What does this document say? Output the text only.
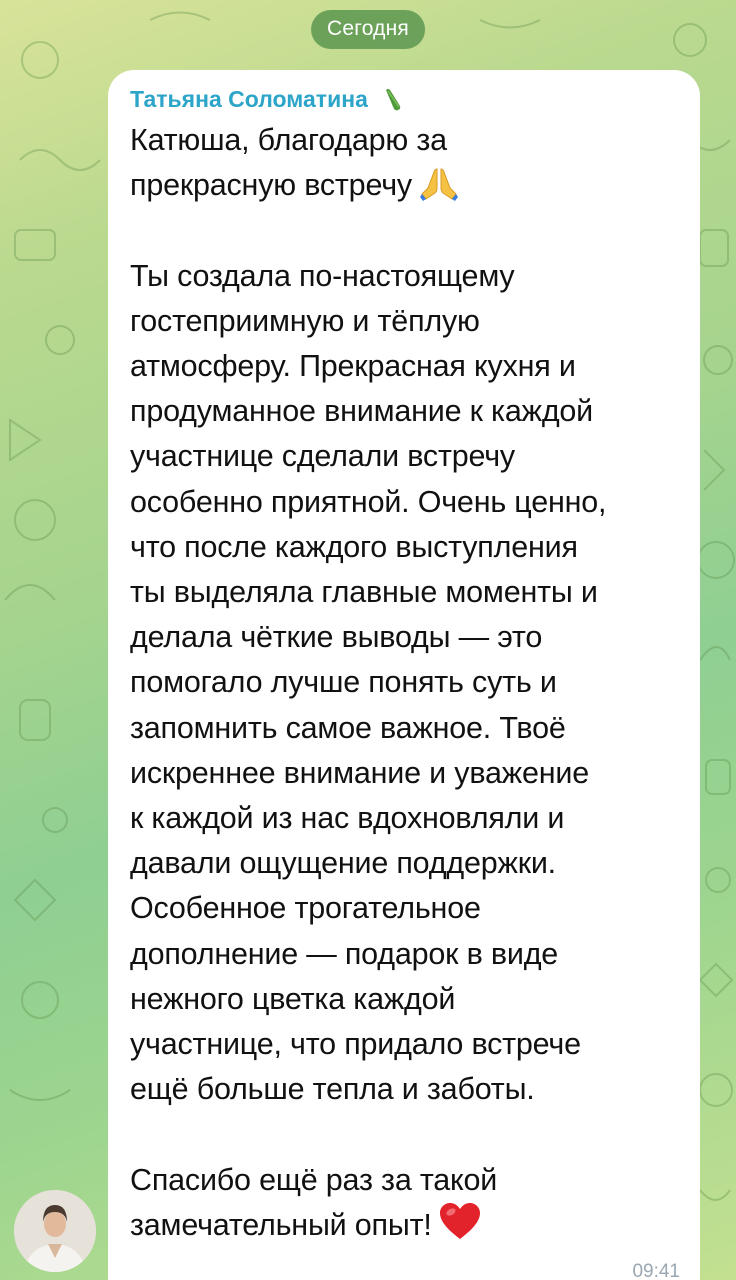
Сегодня
Татьяна Соломатина
Катюша, благодарю за
прекрасную встречу

Ты создала по-настоящему
гостеприимную и тёплую
атмосферу. Прекрасная кухня и
продуманное внимание к каждой
участнице сделали встречу
особенно приятной. Очень ценно,
что после каждого выступления
ты выделяла главные моменты и
делала чёткие выводы — это
помогало лучше понять суть и
запомнить самое важное. Твоё
искреннее внимание и уважение
к каждой из нас вдохновляли и
давали ощущение поддержки.
Особенное трогательное
дополнение — подарок в виде
нежного цветка каждой
участнице, что придало встрече
ещё больше тепла и заботы.

Спасибо ещё раз за такой
замечательный опыт!
09:41
